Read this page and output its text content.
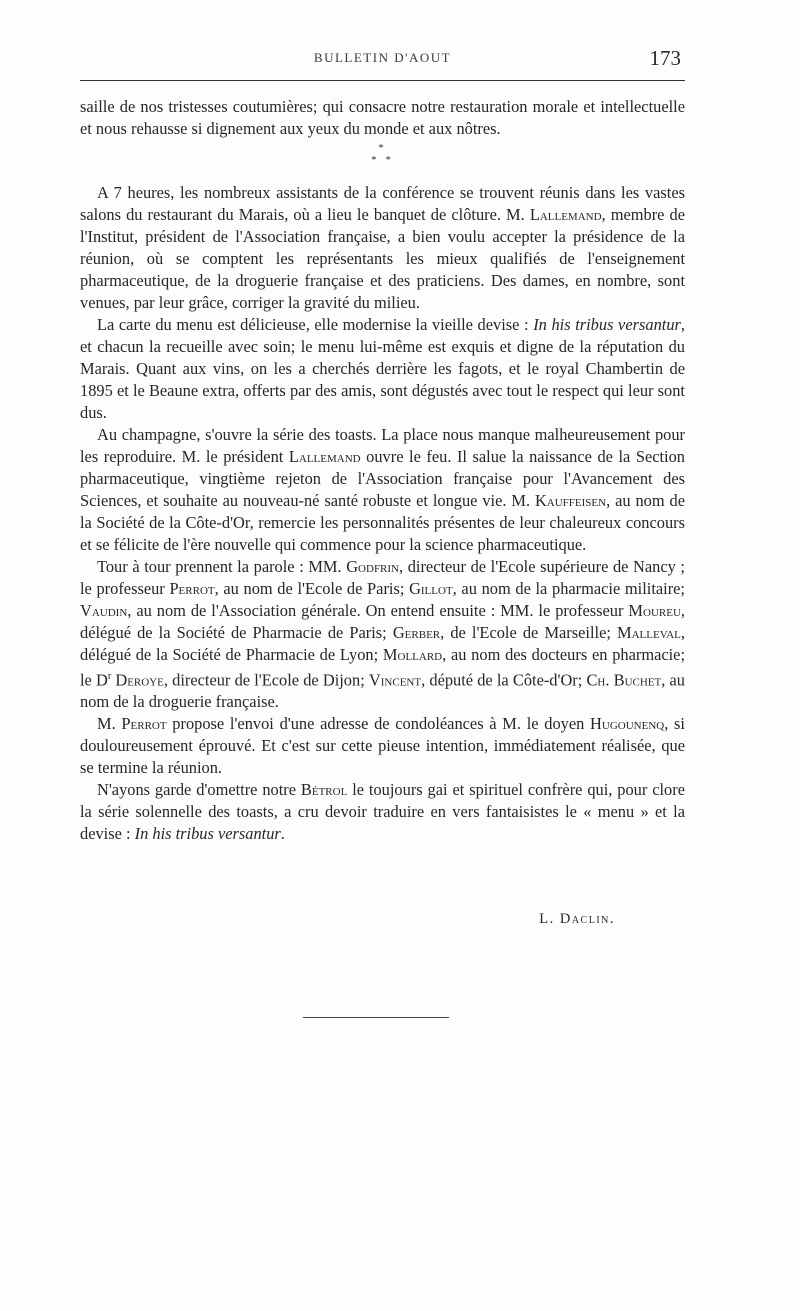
BULLETIN D'AOUT	173

saille de nos tristesses coutumières; qui consacre notre restauration morale et intellectuelle et nous rehausse si dignement aux yeux du monde et aux nôtres.

*
* *

A 7 heures, les nombreux assistants de la conférence se trouvent réunis dans les vastes salons du restaurant du Marais, où a lieu le banquet de clôture. M. Lallemand, membre de l'Institut, président de l'Association française, a bien voulu accepter la présidence de la réunion, où se comptent les représentants les mieux qualifiés de l'enseignement pharmaceutique, de la droguerie française et des praticiens. Des dames, en nombre, sont venues, par leur grâce, corriger la gravité du milieu.

La carte du menu est délicieuse, elle modernise la vieille devise : In his tribus versantur, et chacun la recueille avec soin; le menu lui-même est exquis et digne de la réputation du Marais. Quant aux vins, on les a cherchés derrière les fagots, et le royal Chambertin de 1895 et le Beaune extra, offerts par des amis, sont dégustés avec tout le respect qui leur sont dus.

Au champagne, s'ouvre la série des toasts. La place nous manque malheureusement pour les reproduire. M. le président Lallemand ouvre le feu. Il salue la naissance de la Section pharmaceutique, vingtième rejeton de l'Association française pour l'Avancement des Sciences, et souhaite au nouveau-né santé robuste et longue vie. M. Kauffeisen, au nom de la Société de la Côte-d'Or, remercie les personnalités présentes de leur chaleureux concours et se félicite de l'ère nouvelle qui commence pour la science pharmaceutique.

Tour à tour prennent la parole : MM. Godfrin, directeur de l'Ecole supérieure de Nancy ; le professeur Perrot, au nom de l'Ecole de Paris; Gillot, au nom de la pharmacie militaire; Vaudin, au nom de l'Association générale. On entend ensuite : MM. le professeur Moureu, délégué de la Société de Pharmacie de Paris; Gerber, de l'Ecole de Marseille; Malleval, délégué de la Société de Pharmacie de Lyon; Mollard, au nom des docteurs en pharmacie; le $D^r$ Deroye, directeur de l'Ecole de Dijon; Vincent, député de la Côte-d'Or; Ch. Buchet, au nom de la droguerie française.

M. Perrot propose l'envoi d'une adresse de condoléances à M. le doyen Hugounenq, si douloureusement éprouvé. Et c'est sur cette pieuse intention, immédiatement réalisée, que se termine la réunion.

N'ayons garde d'omettre notre Bétrol le toujours gai et spirituel confrère qui, pour clore la série solennelle des toasts, a cru devoir traduire en vers fantaisistes le « menu » et la devise : In his tribus versantur.

L. Daclin.
